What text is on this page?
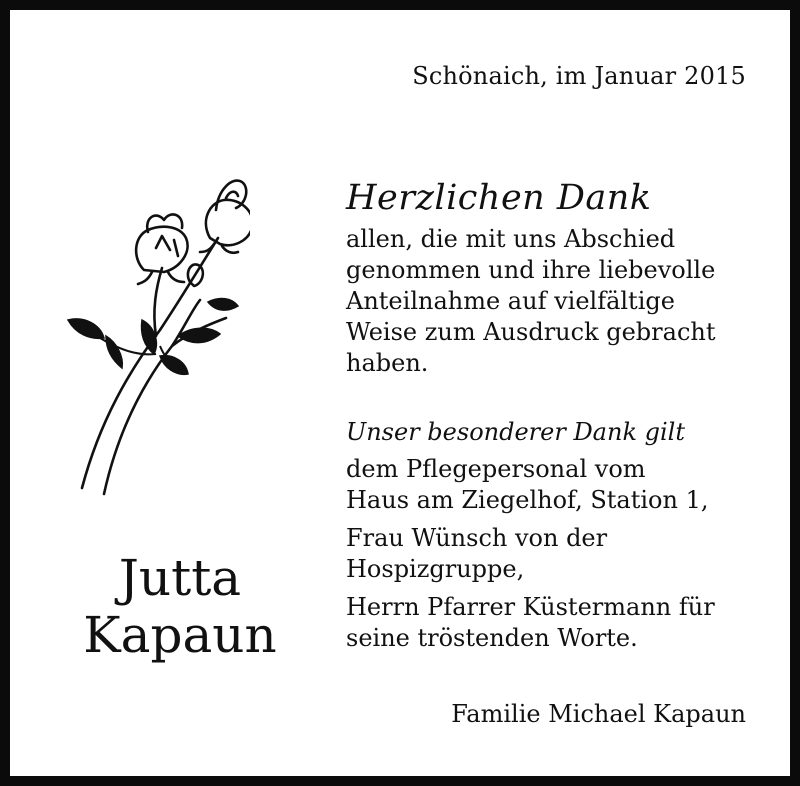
Schönaich, im Januar 2015
Jutta
Kapaun
Herzlichen Dank
allen, die mit uns Abschied
genommen und ihre liebevolle
Anteilnahme auf vielfältige
Weise zum Ausdruck gebracht
haben.
Unser besonderer Dank gilt
dem Pflegepersonal vom
Haus am Ziegelhof, Station 1,
Frau Wünsch von der
Hospizgruppe,
Herrn Pfarrer Küstermann für
seine tröstenden Worte.
Familie Michael Kapaun
